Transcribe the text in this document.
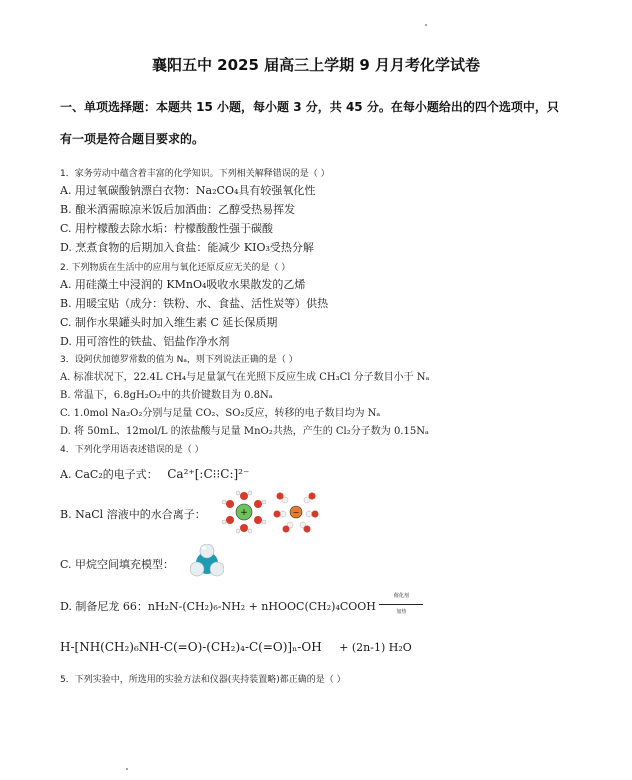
襄阳五中 2025 届高三上学期 9 月月考化学试卷
一、单项选择题：本题共 15 小题，每小题 3 分，共 45 分。在每小题给出的四个选项中，只
有一项是符合题目要求的。
1．家务劳动中蕴含着丰富的化学知识。下列相关解释错误的是（ ）
A. 用过氧碳酸钠漂白衣物：Na₂CO₄具有较强氧化性
B. 酿米酒需晾凉米饭后加酒曲：乙醇受热易挥发
C. 用柠檬酸去除水垢：柠檬酸酸性强于碳酸
D. 烹煮食物的后期加入食盐：能减少 KIO₃受热分解
2. 下列物质在生活中的应用与氧化还原反应无关的是（ ）
A. 用硅藻土中浸润的 KMnO₄吸收水果散发的乙烯
B. 用暖宝贴（成分：铁粉、水、食盐、活性炭等）供热
C. 制作水果罐头时加入维生素 C 延长保质期
D. 用可溶性的铁盐、铝盐作净水剂
3．设阿伏加德罗常数的值为 Nₐ，则下列说法正确的是（ ）
A. 标准状况下，22.4L CH₄与足量氯气在光照下反应生成 CH₃Cl 分子数目小于 Nₐ
B. 常温下，6.8gH₂O₂中的共价键数目为 0.8Nₐ
C. 1.0mol Na₂O₂分别与足量 CO₂、SO₂反应，转移的电子数目均为 Nₐ
D. 将 50mL、12mol/L 的浓盐酸与足量 MnO₂共热，产生的 Cl₂分子数为 0.15Nₐ
4．下列化学用语表述错误的是（ ）
A. CaC₂的电子式： Ca²⁺[:C⁝⁝C:]²⁻
B. NaCl 溶液中的水合离子：	+	−
C. 甲烷空间填充模型：
D. 制备尼龙 66：nH₂N-(CH₂)₆-NH₂ + nHOOC(CH₂)₄COOH
催化剂
加热
H-[NH(CH₂)₆NH-C(=O)-(CH₂)₄-C(=O)]ₙ-OH + (2n-1) H₂O
5．下列实验中，所选用的实验方法和仪器(夹持装置略)都正确的是（ ）
